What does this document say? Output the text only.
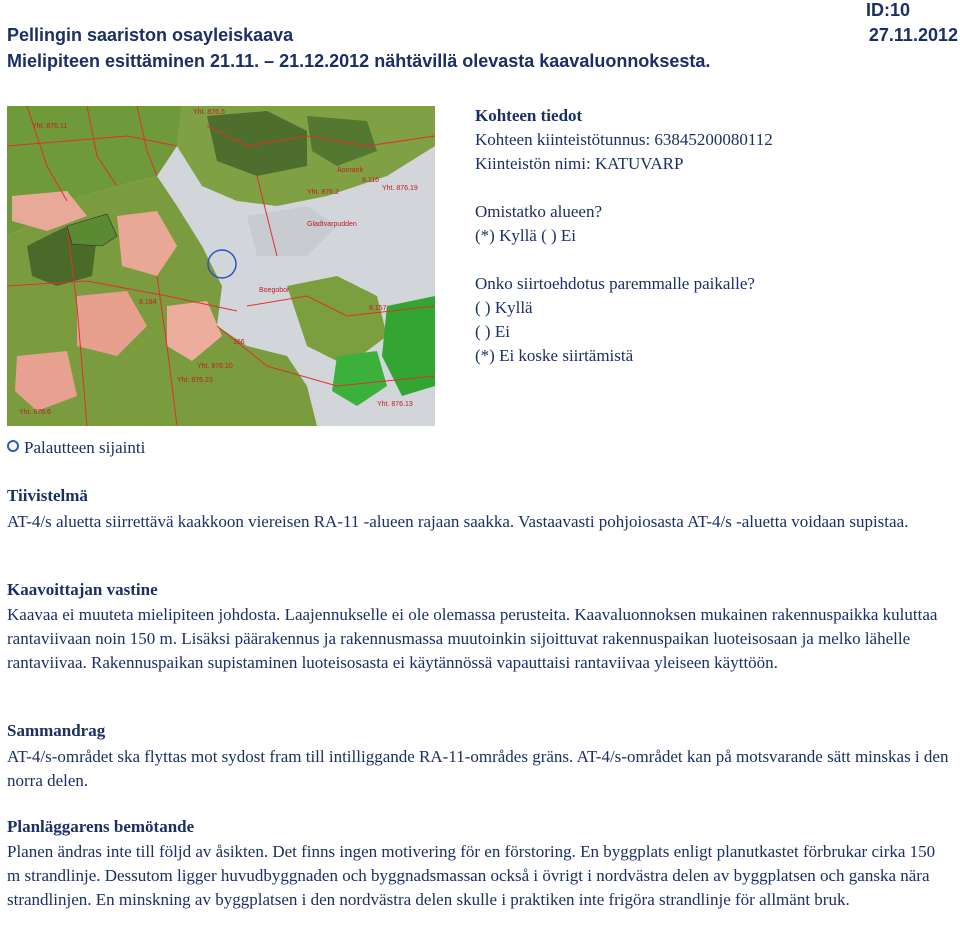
Pellingin saariston osayleiskaava
Mielipiteen esittäminen 21.11. – 21.12.2012 nähtävillä olevasta kaavaluonnoksesta.
ID:10
27.11.2012
Yht. 876.5
Yht. 876.11
Yht. 876.19
Aoorank
8.116
Gladtvarpudden
Boegobor
8.157
Yht. 876.13
Yht. 876.6
Yht. 876.23
Yht. 876.10
166
8.184
Yht. 876.2
Kohteen tiedot
Kohteen kiinteistötunnus: 63845200080112
Kiinteistön nimi: KATUVARP
Omistatko alueen?
(*) Kyllä ( ) Ei
Onko siirtoehdotus paremmalle paikalle?
( ) Kyllä
( ) Ei
(*) Ei koske siirtämistä
Palautteen sijainti
Tiivistelmä

AT-4/s aluetta siirrettävä kaakkoon viereisen RA-11 -alueen rajaan saakka. Vastaavasti pohjoiosasta AT-4/s -aluetta voidaan supistaa.

Kaavoittajan vastine

Kaavaa ei muuteta mielipiteen johdosta. Laajennukselle ei ole olemassa perusteita. Kaavaluonnoksen mukainen rakennuspaikka kuluttaa rantaviivaan noin 150 m. Lisäksi päärakennus ja rakennusmassa muutoinkin sijoittuvat rakennuspaikan luoteisosaan ja melko lähelle rantaviivaa. Rakennuspaikan supistaminen luoteisosasta ei käytännössä vapauttaisi rantaviivaa yleiseen käyttöön.

Sammandrag

AT-4/s-området ska flyttas mot sydost fram till intilliggande RA-11-områdes gräns. AT-4/s-området kan på motsvarande sätt minskas i den norra delen.

Planläggarens bemötande

Planen ändras inte till följd av åsikten. Det finns ingen motivering för en förstoring. En byggplats enligt planutkastet förbrukar cirka 150 m strandlinje. Dessutom ligger huvudbyggnaden och byggnadsmassan också i övrigt i nordvästra delen av byggplatsen och ganska nära strandlinjen. En minskning av byggplatsen i den nordvästra delen skulle i praktiken inte frigöra strandlinje för allmänt bruk.
